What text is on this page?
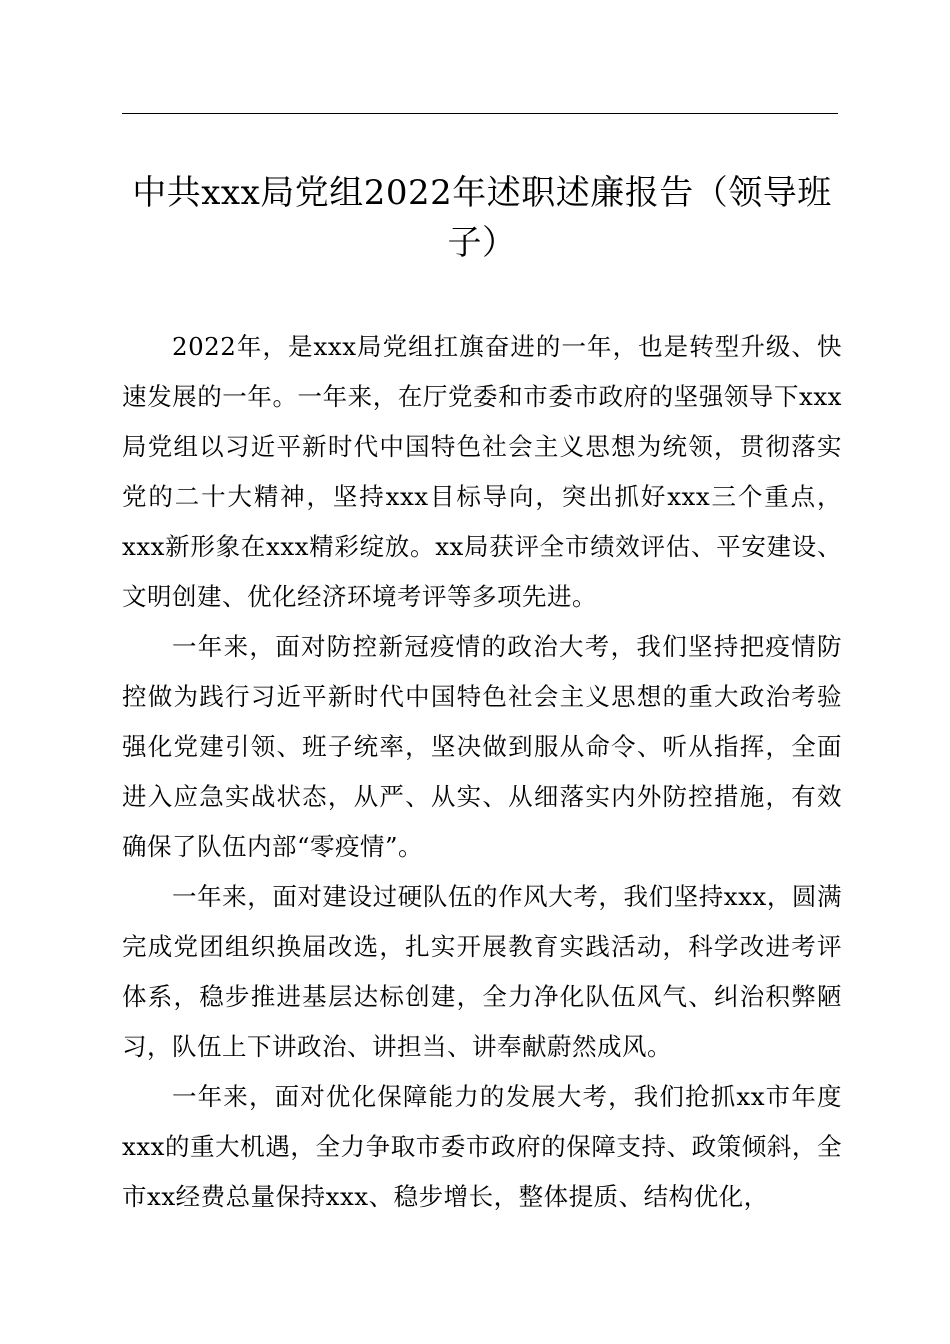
中共xxx局党组2022年述职述廉报告（领导班子）

2022年，是xxx局党组扛旗奋进的一年，也是转型升级、快速发展的一年。一年来，在厅党委和市委市政府的坚强领导下xxx局党组以习近平新时代中国特色社会主义思想为统领，贯彻落实党的二十大精神，坚持xxx目标导向，突出抓好xxx三个重点，xxx新形象在xxx精彩绽放。xx局获评全市绩效评估、平安建设、文明创建、优化经济环境考评等多项先进。

一年来，面对防控新冠疫情的政治大考，我们坚持把疫情防控做为践行习近平新时代中国特色社会主义思想的重大政治考验强化党建引领、班子统率，坚决做到服从命令、听从指挥，全面进入应急实战状态，从严、从实、从细落实内外防控措施，有效确保了队伍内部“零疫情”。

一年来，面对建设过硬队伍的作风大考，我们坚持xxx，圆满完成党团组织换届改选，扎实开展教育实践活动，科学改进考评体系，稳步推进基层达标创建，全力净化队伍风气、纠治积弊陋习，队伍上下讲政治、讲担当、讲奉献蔚然成风。

一年来，面对优化保障能力的发展大考，我们抢抓xx市年度xxx的重大机遇，全力争取市委市政府的保障支持、政策倾斜，全市xx经费总量保持xxx、稳步增长，整体提质、结构优化，
